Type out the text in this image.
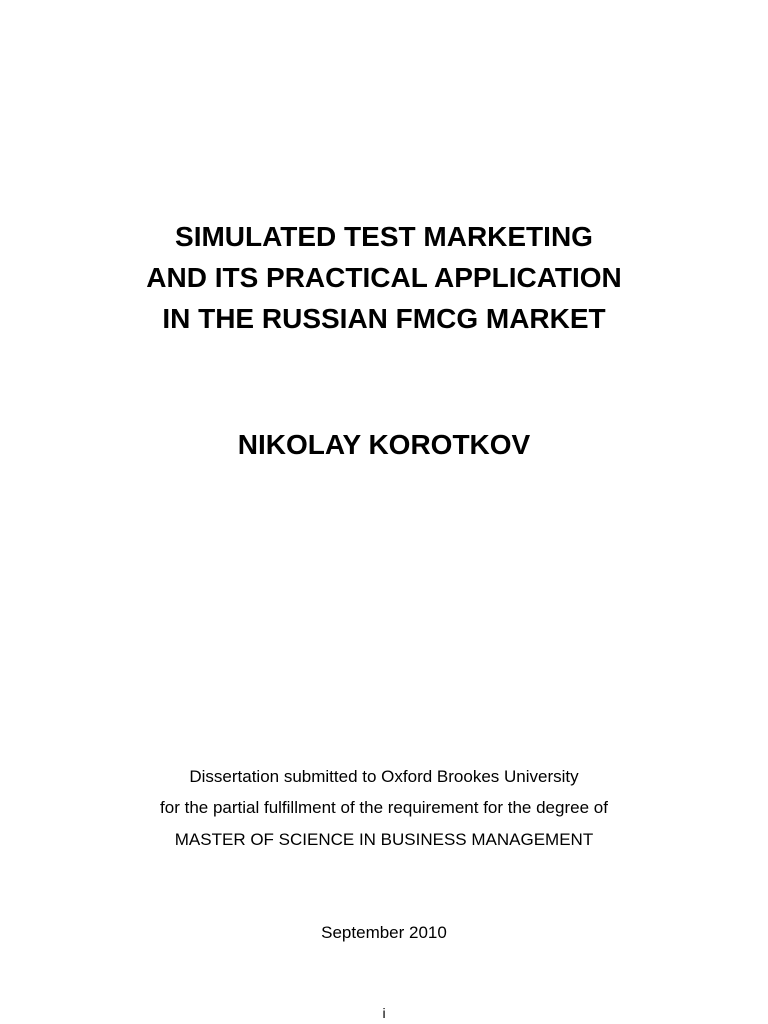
SIMULATED TEST MARKETING
AND ITS PRACTICAL APPLICATION
IN THE RUSSIAN FMCG MARKET
NIKOLAY KOROTKOV

Dissertation submitted to Oxford Brookes University

for the partial fulfillment of the requirement for the degree of

MASTER OF SCIENCE IN BUSINESS MANAGEMENT

September 2010

i
